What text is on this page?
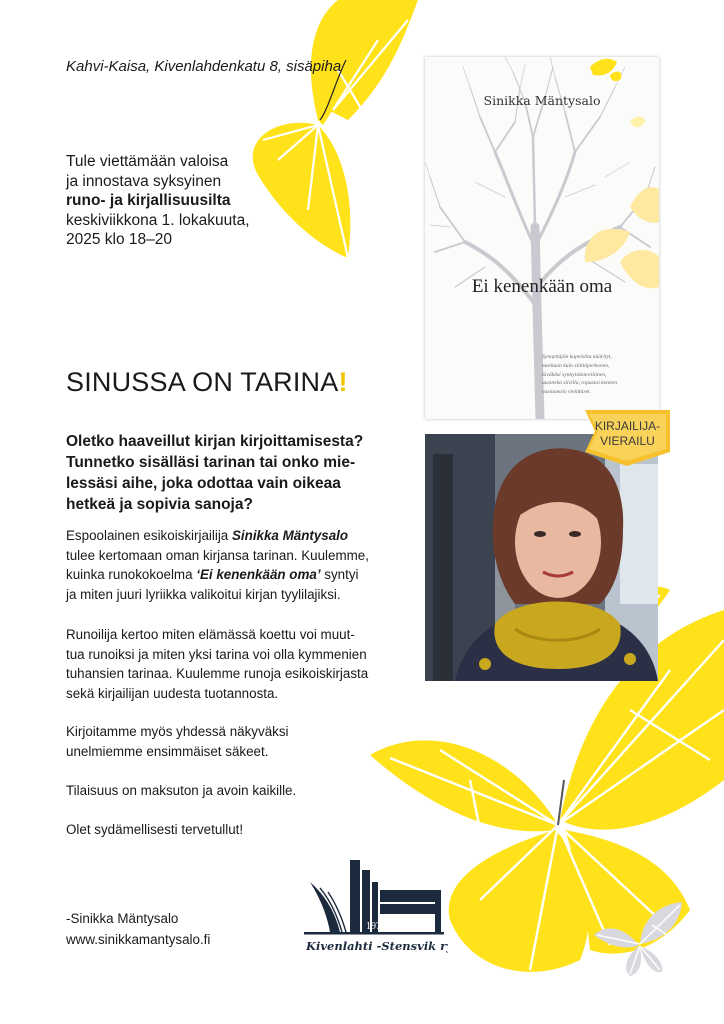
Kahvi-Kaisa, Kivenlahdenkatu 8, sisäpiha
Tule viettämään valoisa
ja innostava syksyinen
runo- ja kirjallisuusilta
keskiviikkona 1. lokakuuta,
2025 klo 18–20
SINUSSA ON TARINA!
Oletko haaveillut kirjan kirjoittamisesta?
Tunnetko sisälläsi tarinan tai onko mie-
lessäsi aihe, joka odottaa vain oikeaa
hetkeä ja sopivia sanoja?
Espoolainen esikoiskirjailija Sinikka Mäntysalo
tulee kertomaan oman kirjansa tarinan. Kuulemme,
kuinka runokokoelma ‘Ei kenenkään oma’ syntyi
ja miten juuri lyriikka valikoitui kirjan tyylilajiksi.
Runoilija kertoo miten elämässä koettu voi muut-
tua runoiksi ja miten yksi tarina voi olla kymmenien
tuhansien tarinaa. Kuulemme runoja esikoiskirjasta
sekä kirjailijan uudesta tuotannosta.
Kirjoitamme myös yhdessä näkyväksi
unelmiemme ensimmäiset säkeet.
Tilaisuus on maksuton ja avoin kaikille.
Olet sydämellisesti tervetullut!
-Sinikka Mäntysalo
www.sinikkamantysalo.fi
Sinikka Mäntysalo
Ei kenenkään oma
Synnyttäjän kapeisilta käärityt,
markaan kuin siittiöperhonen,
läväkäsi synnyinlonreiliinen,
uusineka siivilla, ropustoi kennen
vastaanolo vielittäret.
KIRJAILIJA-
VIERAILU
1972
Kivenlahti -Stensvik ry
